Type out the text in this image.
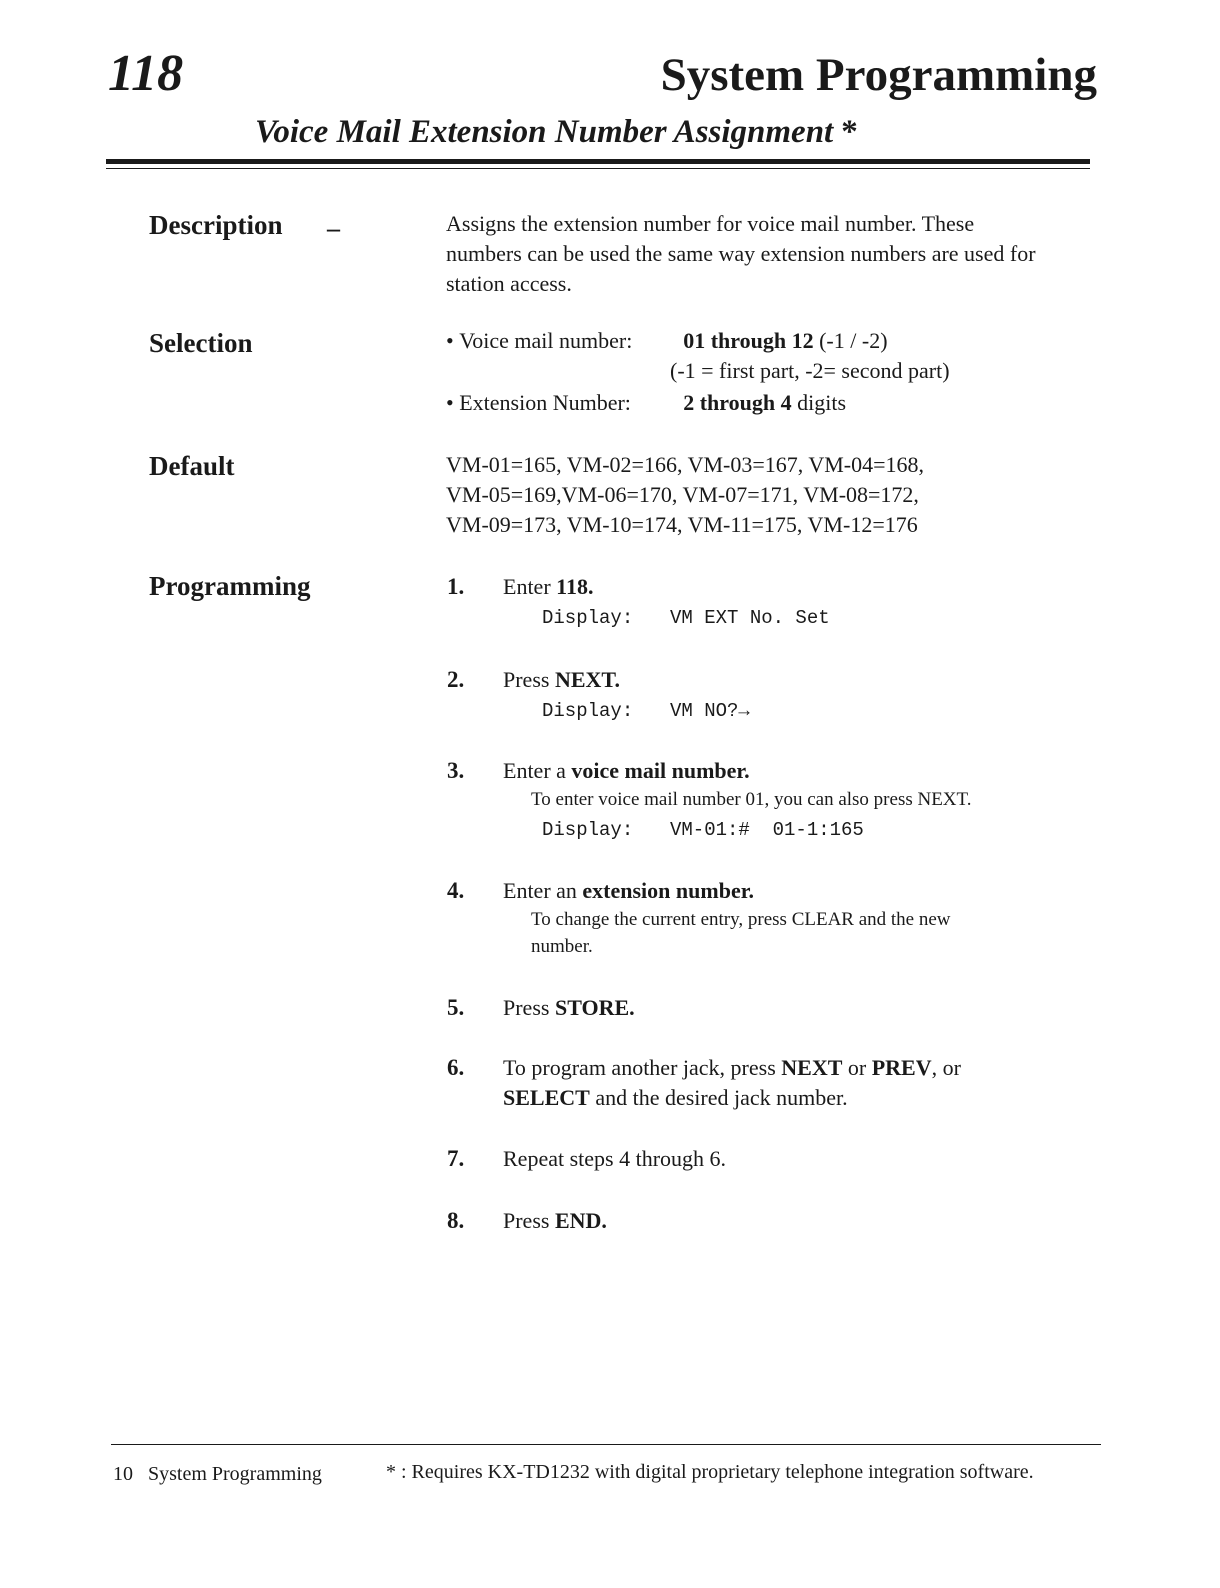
118	System Programming
Voice Mail Extension Number Assignment *
Description –	Assigns the extension number for voice mail number. These
numbers can be used the same way extension numbers are used for
station access.
Selection	• Voice mail number: 01 through 12 (-1 / -2)
(-1 = first part, -2= second part)
• Extension Number: 2 through 4 digits
Default	VM-01=165, VM-02=166, VM-03=167, VM-04=168,
VM-05=169,VM-06=170, VM-07=171, VM-08=172,
VM-09=173, VM-10=174, VM-11=175, VM-12=176
Programming	1. Enter 118.
Display: VM EXT No. Set
2. Press NEXT.
Display: VM NO?→
3. Enter a voice mail number.
To enter voice mail number 01, you can also press NEXT.
Display: VM-01:#  01-1:165
4. Enter an extension number.
To change the current entry, press CLEAR and the new
number.
5. Press STORE.
6. To program another jack, press NEXT or PREV, or
SELECT and the desired jack number.
7. Repeat steps 4 through 6.
8. Press END.
10 System Programming	* : Requires KX-TD1232 with digital proprietary telephone integration software.
